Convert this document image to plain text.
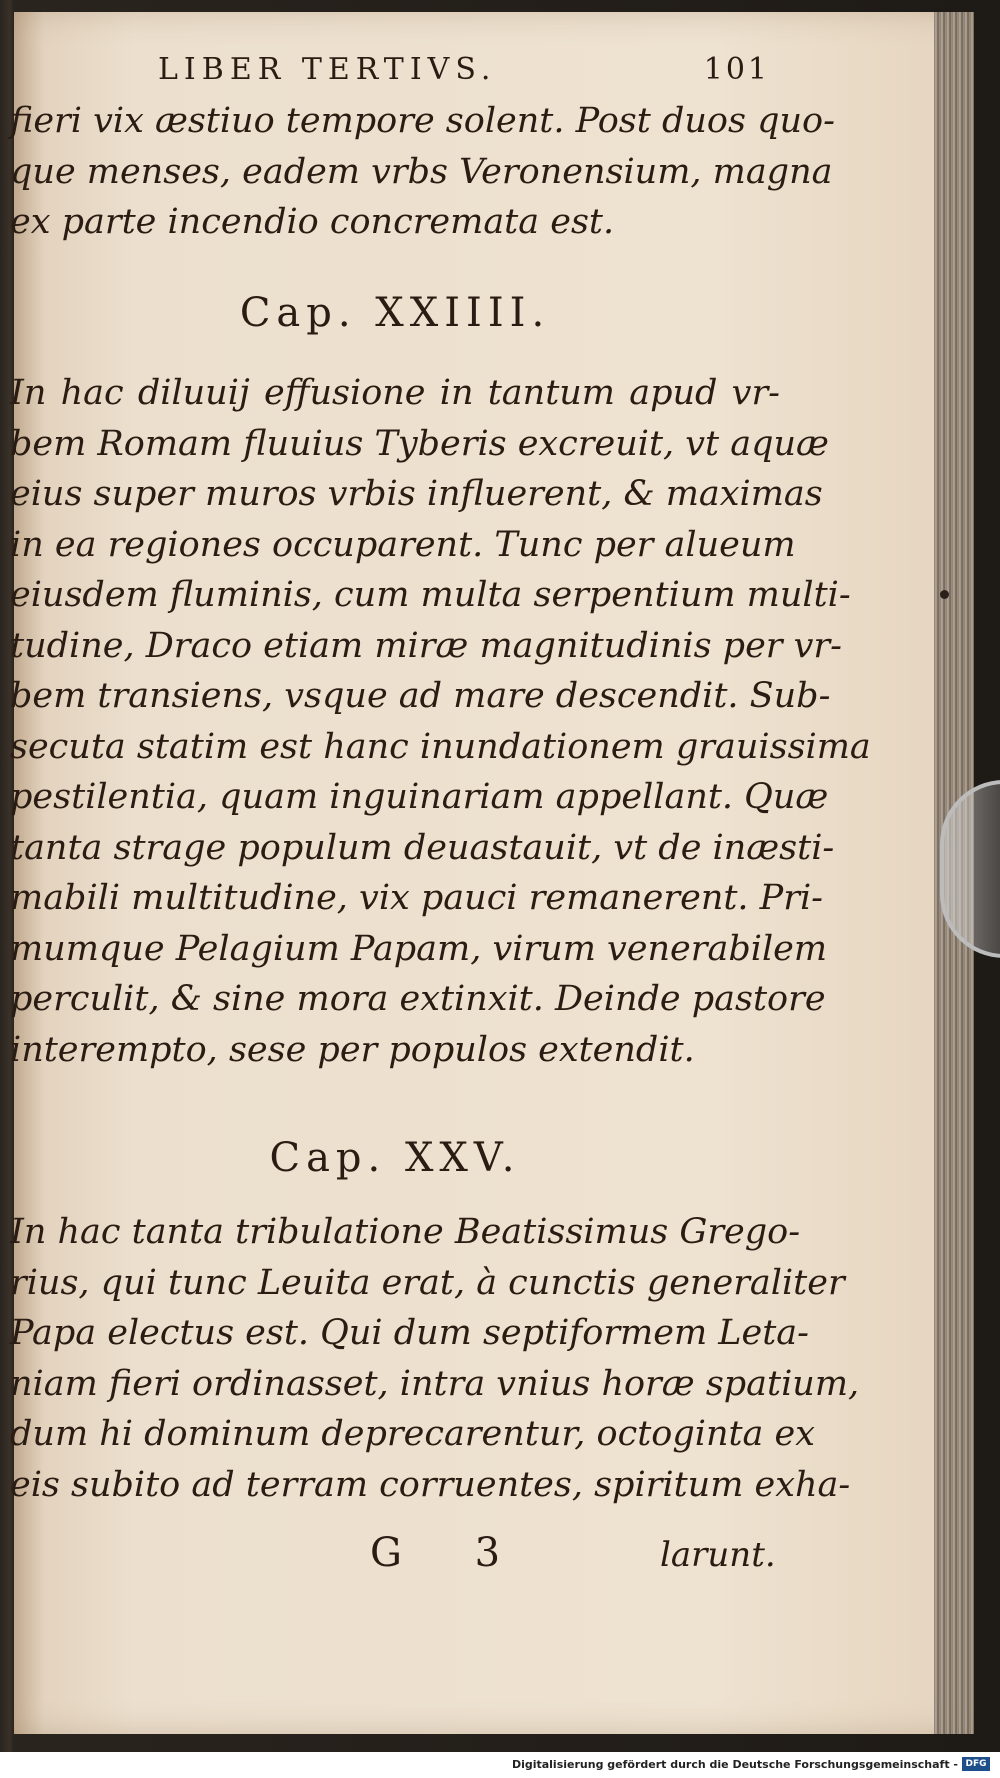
LIBER TERTIVS.	101
fieri vix æstiuo tempore solent. Post duos quo-
que menses, eadem vrbs Veronensium, magna
ex parte incendio concremata est.
Cap. XXIIII.
In hac diluuij effusione in tantum apud vr-
bem Romam fluuius Tyberis excreuit, vt aquæ
eius super muros vrbis influerent, & maximas
in ea regiones occuparent. Tunc per alueum
eiusdem fluminis, cum multa serpentium multi-
tudine, Draco etiam miræ magnitudinis per vr-
bem transiens, vsque ad mare descendit. Sub-
secuta statim est hanc inundationem grauissima
pestilentia, quam inguinariam appellant. Quæ
tanta strage populum deuastauit, vt de inæsti-
mabili multitudine, vix pauci remanerent. Pri-
mumque Pelagium Papam, virum venerabilem
perculit, & sine mora extinxit. Deinde pastore
interempto, sese per populos extendit.
Cap. XXV.
In hac tanta tribulatione Beatissimus Grego-
rius, qui tunc Leuita erat, à cunctis generaliter
Papa electus est. Qui dum septiformem Leta-
niam fieri ordinasset, intra vnius horæ spatium,
dum hi dominum deprecarentur, octoginta ex
eis subito ad terram corruentes, spiritum exha-
G 3	larunt.
Digitalisierung gefördert durch die Deutsche Forschungsgemeinschaft - DFG
